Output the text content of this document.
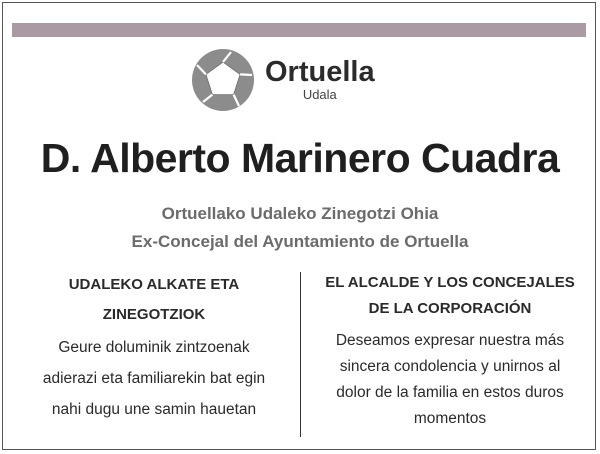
Ortuella
Udala
D. Alberto Marinero Cuadra
Ortuellako Udaleko Zinegotzi Ohia
Ex-Concejal del Ayuntamiento de Ortuella
UDALEKO ALKATE ETA
ZINEGOTZIOK
Geure doluminik zintzoenak
adierazi eta familiarekin bat egin
nahi dugu une samin hauetan
EL ALCALDE Y LOS CONCEJALES
DE LA CORPORACIÓN
Deseamos expresar nuestra más
sincera condolencia y unirnos al
dolor de la familia en estos duros
momentos
